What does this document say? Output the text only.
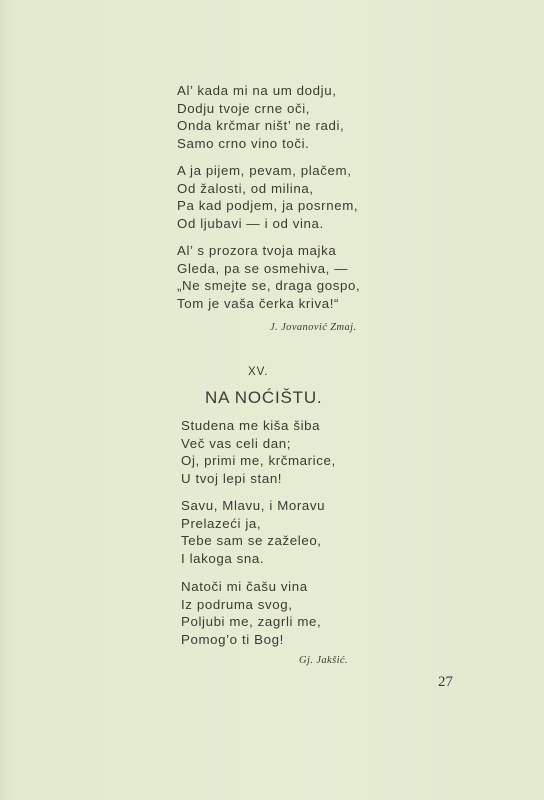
Al’ kada mi na um dodju,
Dodju tvoje crne oči,
Onda krčmar ništ’ ne radi,
Samo crno vino toči.
A ja pijem, pevam, plačem,
Od žalosti, od milina,
Pa kad podjem, ja posrnem,
Od ljubavi — i od vina.
Al’ s prozora tvoja majka
Gleda, pa se osmehiva, —
„Ne smejte se, draga gospo,
Tom je vaša čerka kriva!“
J. Jovanović Zmaj.
XV.
NA NOĆIŠTU.
Studena me kiša šiba
Več vas celi dan;
Oj, primi me, krčmarice,
U tvoj lepi stan!
Savu, Mlavu, i Moravu
Prelazeći ja,
Tebe sam se zaželeo,
I lakoga sna.
Natoči mi čašu vina
Iz podruma svog,
Poljubi me, zagrli me,
Pomog’o ti Bog!
Gj. Jakšić.
27
